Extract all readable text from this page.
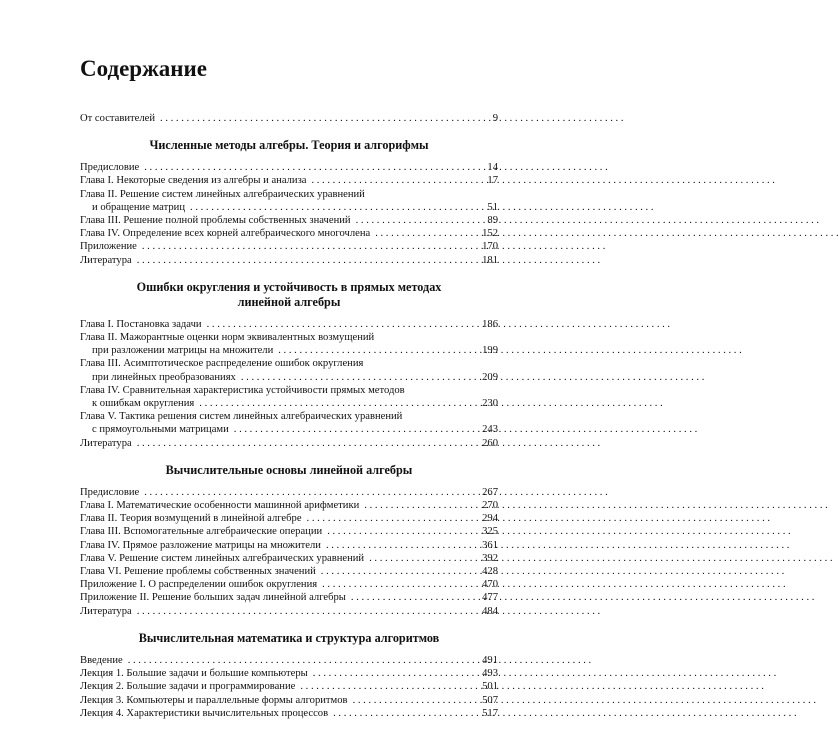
Содержание
От составителей . . .	9
Численные методы алгебры. Теория и алгорифмы
Предисловие . . .	14
Глава I. Некоторые сведения из алгебры и анализа . . .	17
Глава II. Решение систем линейных алгебраических уравнений
и обращение матриц . . .	51
Глава III. Решение полной проблемы собственных значений . . .	89
Глава IV. Определение всех корней алгебраического многочлена . . .	152
Приложение . . .	170
Литература . . .	181
Ошибки округления и устойчивость в прямых методах
линейной алгебры
Глава I. Постановка задачи . . .	186
Глава II. Мажорантные оценки норм эквивалентных возмущений
при разложении матрицы на множители . . .	199
Глава III. Асимптотическое распределение ошибок округления
при линейных преобразованиях . . .	209
Глава IV. Сравнительная характеристика устойчивости прямых методов
к ошибкам округления . . .	230
Глава V. Тактика решения систем линейных алгебраических уравнений
с прямоугольными матрицами . . .	243
Литература . . .	260
Вычислительные основы линейной алгебры
Предисловие . . .	267
Глава I. Математические особенности машинной арифметики . . .	270
Глава II. Теория возмущений в линейной алгебре . . .	294
Глава III. Вспомогательные алгебраические операции . . .	325
Глава IV. Прямое разложение матрицы на множители . . .	361
Глава V. Решение систем линейных алгебраических уравнений . . .	392
Глава VI. Решение проблемы собственных значений . . .	428
Приложение I. О распределении ошибок округления . . .	470
Приложение II. Решение больших задач линейной алгебры . . .	477
Литература . . .	484
Вычислительная математика и структура алгоритмов
Введение . . .	491
Лекция 1. Большие задачи и большие компьютеры . . .	493
Лекция 2. Большие задачи и программирование . . .	501
Лекция 3. Компьютеры и параллельные формы алгоритмов . . .	507
Лекция 4. Характеристики вычислительных процессов . . .	517
